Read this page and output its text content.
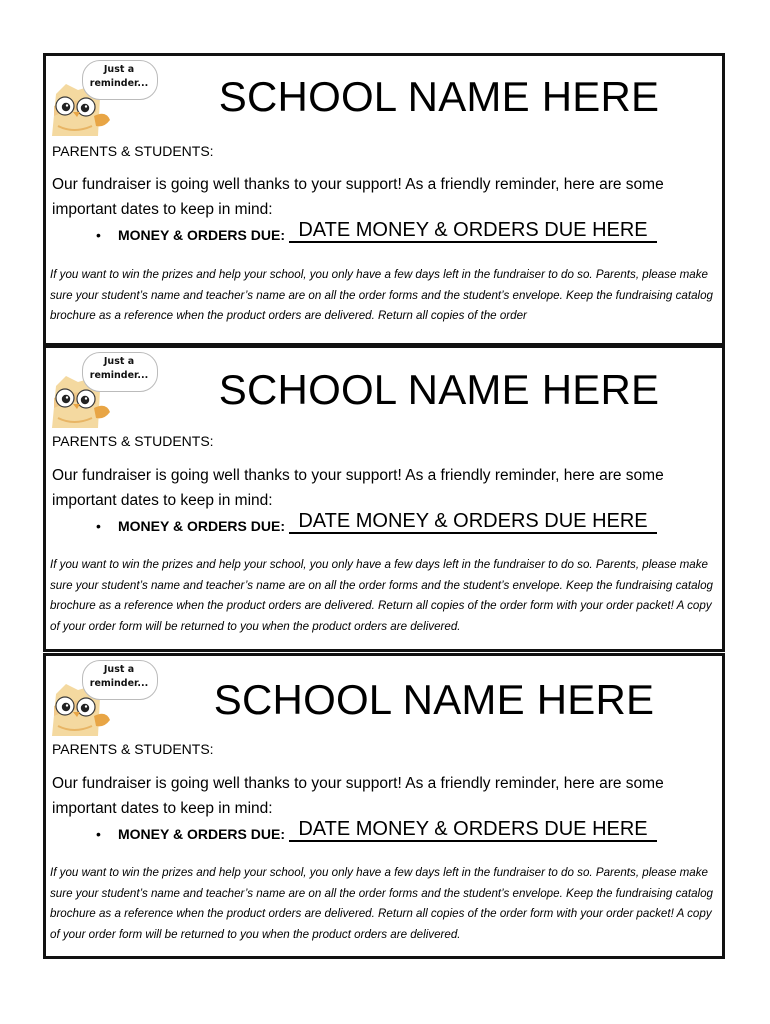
Just a
reminder...	SCHOOL NAME HERE
PARENTS & STUDENTS:
Our fundraiser is going well thanks to your support! As a friendly reminder, here are some important dates to keep in mind:
• MONEY & ORDERS DUE: DATE MONEY & ORDERS DUE HERE
If you want to win the prizes and help your school, you only have a few days left in the fundraiser to do so. Parents, please make sure your student’s name and teacher’s name are on all the order forms and the student’s envelope. Keep the fundraising catalog brochure as a reference when the product orders are delivered. Return all copies of the order
Just a
reminder...	SCHOOL NAME HERE
PARENTS & STUDENTS:
Our fundraiser is going well thanks to your support! As a friendly reminder, here are some important dates to keep in mind:
• MONEY & ORDERS DUE: DATE MONEY & ORDERS DUE HERE
If you want to win the prizes and help your school, you only have a few days left in the fundraiser to do so. Parents, please make sure your student’s name and teacher’s name are on all the order forms and the student’s envelope. Keep the fundraising catalog brochure as a reference when the product orders are delivered. Return all copies of the order form with your order packet! A copy of your order form will be returned to you when the product orders are delivered.
Just a
reminder...	SCHOOL NAME HERE
PARENTS & STUDENTS:
Our fundraiser is going well thanks to your support! As a friendly reminder, here are some important dates to keep in mind:
• MONEY & ORDERS DUE: DATE MONEY & ORDERS DUE HERE
If you want to win the prizes and help your school, you only have a few days left in the fundraiser to do so. Parents, please make sure your student’s name and teacher’s name are on all the order forms and the student’s envelope. Keep the fundraising catalog brochure as a reference when the product orders are delivered. Return all copies of the order form with your order packet! A copy of your order form will be returned to you when the product orders are delivered.
